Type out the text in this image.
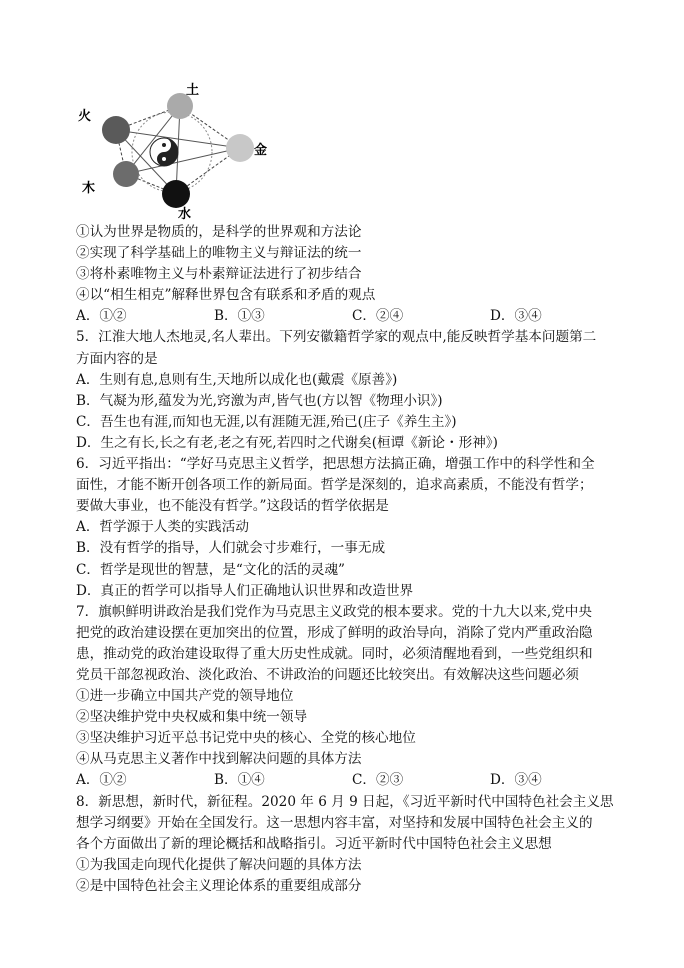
土
火
金
木
水
①认为世界是物质的，是科学的世界观和方法论
②实现了科学基础上的唯物主义与辩证法的统一
③将朴素唯物主义与朴素辩证法进行了初步结合
④以“相生相克”解释世界包含有联系和矛盾的观点
A．①②	B．①③	C．②④	D．③④
5．江淮大地人杰地灵,名人辈出。下列安徽籍哲学家的观点中,能反映哲学基本问题第二
方面内容的是
A．生则有息,息则有生,天地所以成化也(戴震《原善》)
B．气凝为形,蕴发为光,窍激为声,皆气也(方以智《物理小识》)
C．吾生也有涯,而知也无涯,以有涯随无涯,殆已(庄子《养生主》)
D．生之有长,长之有老,老之有死,若四时之代谢矣(桓谭《新论・形神》)
6．习近平指出：“学好马克思主义哲学，把思想方法搞正确，增强工作中的科学性和全
面性，才能不断开创各项工作的新局面。哲学是深刻的，追求高素质，不能没有哲学；
要做大事业，也不能没有哲学。”这段话的哲学依据是
A．哲学源于人类的实践活动
B．没有哲学的指导，人们就会寸步难行，一事无成
C．哲学是现世的智慧，是“文化的活的灵魂”
D．真正的哲学可以指导人们正确地认识世界和改造世界
7．旗帜鲜明讲政治是我们党作为马克思主义政党的根本要求。党的十九大以来,党中央
把党的政治建设摆在更加突出的位置，形成了鲜明的政治导向，消除了党内严重政治隐
患，推动党的政治建设取得了重大历史性成就。同时，必须清醒地看到，一些党组织和
党员干部忽视政治、淡化政治、不讲政治的问题还比较突出。有效解决这些问题必须
①进一步确立中国共产党的领导地位
②坚决维护党中央权威和集中统一领导
③坚决维护习近平总书记党中央的核心、全党的核心地位
④从马克思主义著作中找到解决问题的具体方法
A．①②	B．①④	C．②③	D．③④
8．新思想，新时代，新征程。2020 年 6 月 9 日起，《习近平新时代中国特色社会主义思
想学习纲要》开始在全国发行。这一思想内容丰富，对坚持和发展中国特色社会主义的
各个方面做出了新的理论概括和战略指引。习近平新时代中国特色社会主义思想
①为我国走向现代化提供了解决问题的具体方法
②是中国特色社会主义理论体系的重要组成部分
